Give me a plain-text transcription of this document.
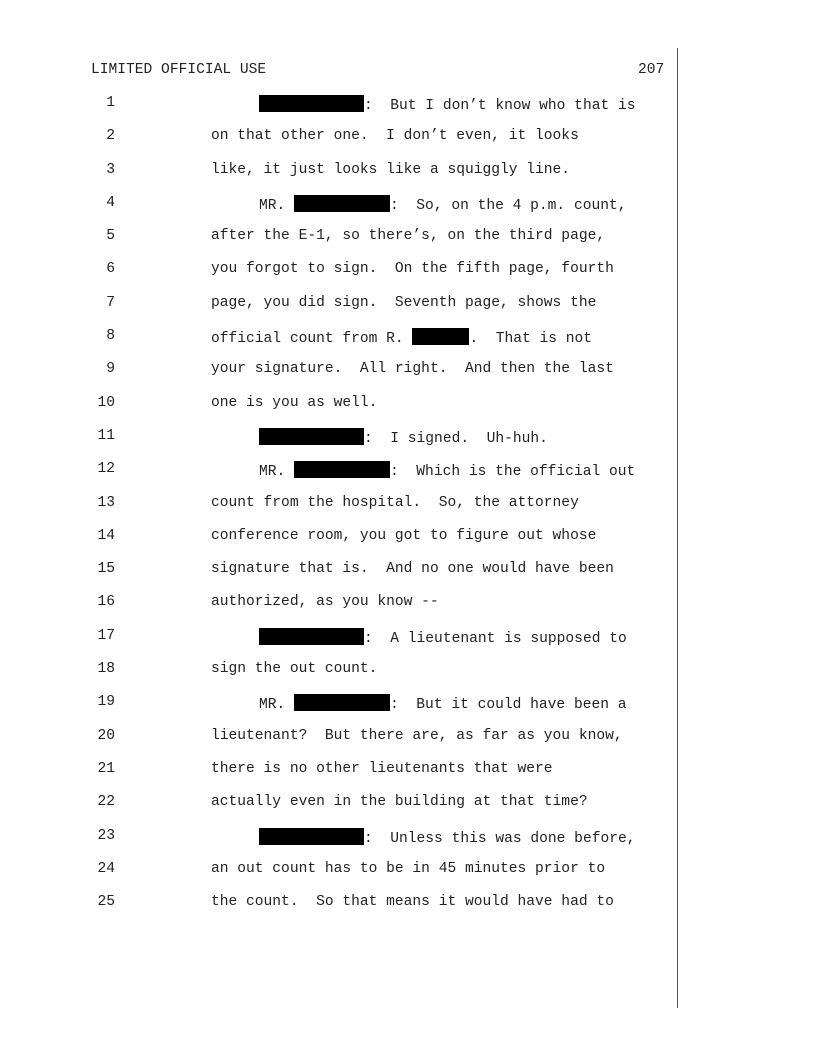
LIMITED OFFICIAL USE	207
1	:  But I don’t know who that is
2	on that other one.  I don’t even, it looks
3	like, it just looks like a squiggly line.
4	MR.	:  So, on the 4 p.m. count,
5	after the E-1, so there’s, on the third page,
6	you forgot to sign.  On the fifth page, fourth
7	page, you did sign.  Seventh page, shows the
8	official count from R.	.  That is not
9	your signature.  All right.  And then the last
10	one is you as well.
11	:  I signed.  Uh-huh.
12	MR.	:  Which is the official out
13	count from the hospital.  So, the attorney
14	conference room, you got to figure out whose
15	signature that is.  And no one would have been
16	authorized, as you know --
17	:  A lieutenant is supposed to
18	sign the out count.
19	MR.	:  But it could have been a
20	lieutenant?  But there are, as far as you know,
21	there is no other lieutenants that were
22	actually even in the building at that time?
23	:  Unless this was done before,
24	an out count has to be in 45 minutes prior to
25	the count.  So that means it would have had to
